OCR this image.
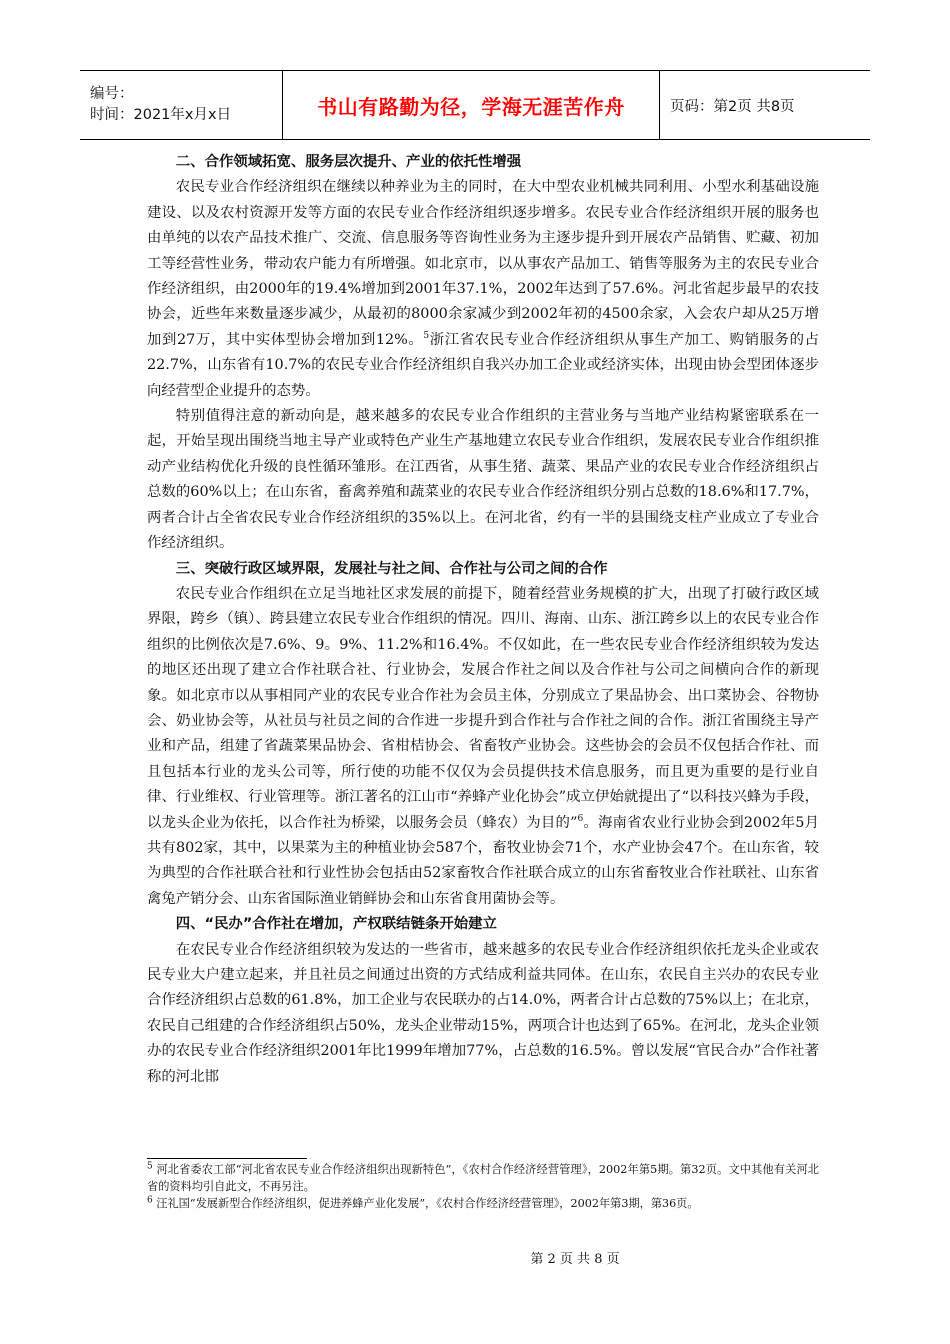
编号：
时间：2021年x月x日	书山有路勤为径，学海无涯苦作舟	页码：第2页 共8页
二、合作领域拓宽、服务层次提升、产业的依托性增强

农民专业合作经济组织在继续以种养业为主的同时，在大中型农业机械共同利用、小型水利基础设施建设、以及农村资源开发等方面的农民专业合作经济组织逐步增多。农民专业合作经济组织开展的服务也由单纯的以农产品技术推广、交流、信息服务等咨询性业务为主逐步提升到开展农产品销售、贮藏、初加工等经营性业务，带动农户能力有所增强。如北京市，以从事农产品加工、销售等服务为主的农民专业合作经济组织，由2000年的19.4%增加到2001年37.1%，2002年达到了57.6%。河北省起步最早的农技协会，近些年来数量逐步减少，从最初的8000余家减少到2002年初的4500余家，入会农户却从25万增加到27万，其中实体型协会增加到12%。$^5$浙江省农民专业合作经济组织从事生产加工、购销服务的占22.7%，山东省有10.7%的农民专业合作经济组织自我兴办加工企业或经济实体，出现由协会型团体逐步向经营型企业提升的态势。

特别值得注意的新动向是，越来越多的农民专业合作组织的主营业务与当地产业结构紧密联系在一起，开始呈现出围绕当地主导产业或特色产业生产基地建立农民专业合作组织，发展农民专业合作组织推动产业结构优化升级的良性循环雏形。在江西省，从事生猪、蔬菜、果品产业的农民专业合作经济组织占总数的60%以上；在山东省，畜禽养殖和蔬菜业的农民专业合作经济组织分别占总数的18.6%和17.7%，两者合计占全省农民专业合作经济组织的35%以上。在河北省，约有一半的县围绕支柱产业成立了专业合作经济组织。

三、突破行政区域界限，发展社与社之间、合作社与公司之间的合作

农民专业合作组织在立足当地社区求发展的前提下，随着经营业务规模的扩大，出现了打破行政区域界限，跨乡（镇）、跨县建立农民专业合作组织的情况。四川、海南、山东、浙江跨乡以上的农民专业合作组织的比例依次是7.6%、9。9%、11.2%和16.4%。不仅如此，在一些农民专业合作经济组织较为发达的地区还出现了建立合作社联合社、行业协会，发展合作社之间以及合作社与公司之间横向合作的新现象。如北京市以从事相同产业的农民专业合作社为会员主体，分别成立了果品协会、出口菜协会、谷物协会、奶业协会等，从社员与社员之间的合作进一步提升到合作社与合作社之间的合作。浙江省围绕主导产业和产品，组建了省蔬菜果品协会、省柑桔协会、省畜牧产业协会。这些协会的会员不仅包括合作社、而且包括本行业的龙头公司等，所行使的功能不仅仅为会员提供技术信息服务，而且更为重要的是行业自律、行业维权、行业管理等。浙江著名的江山市“养蜂产业化协会”成立伊始就提出了“以科技兴蜂为手段，以龙头企业为依托，以合作社为桥梁，以服务会员（蜂农）为目的”$^6$。海南省农业行业协会到2002年5月共有802家，其中，以果菜为主的种植业协会587个，畜牧业协会71个，水产业协会47个。在山东省，较为典型的合作社联合社和行业性协会包括由52家畜牧合作社联合成立的山东省畜牧业合作社联社、山东省禽兔产销分会、山东省国际渔业销鲜协会和山东省食用菌协会等。

四、“民办”合作社在增加，产权联结链条开始建立

在农民专业合作经济组织较为发达的一些省市，越来越多的农民专业合作经济组织依托龙头企业或农民专业大户建立起来，并且社员之间通过出资的方式结成利益共同体。在山东，农民自主兴办的农民专业合作经济组织占总数的61.8%，加工企业与农民联办的占14.0%，两者合计占总数的75%以上；在北京，农民自己组建的合作经济组织占50%，龙头企业带动15%，两项合计也达到了65%。在河北，龙头企业领办的农民专业合作经济组织2001年比1999年增加77%，占总数的16.5%。曾以发展“官民合办”合作社著称的河北邯

$^5$ 河北省委农工部“河北省农民专业合作经济组织出现新特色”，《农村合作经济经营管理》，2002年第5期。第32页。文中其他有关河北省的资料均引自此文，不再另注。
$^6$ 汪礼国“发展新型合作经济组织，促进养蜂产业化发展”，《农村合作经济经营管理》，2002年第3期，第36页。
第 2 页 共 8 页
